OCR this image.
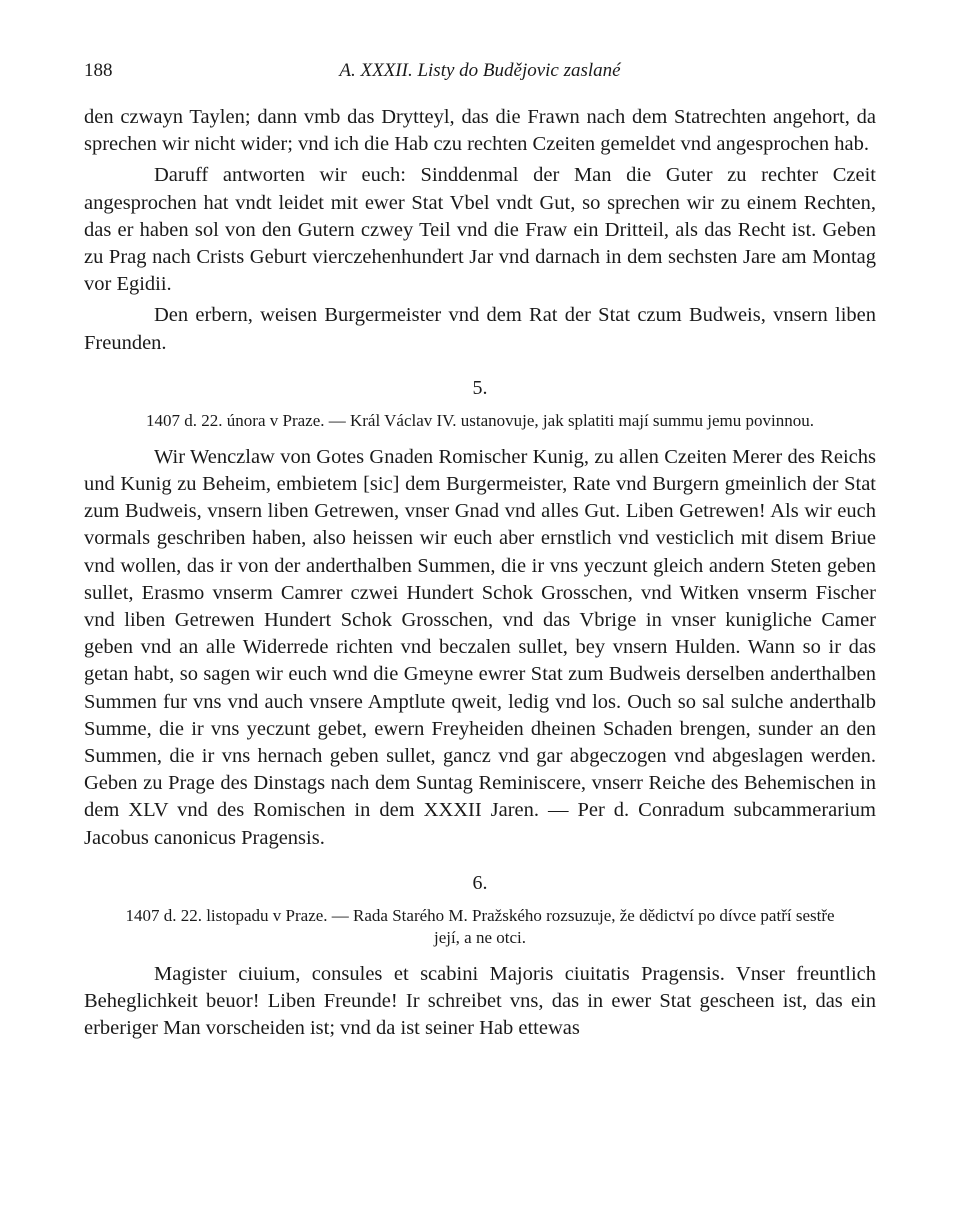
188	A. XXXII. Listy do Budějovic zaslané

den czwayn Taylen; dann vmb das Drytteyl, das die Frawn nach dem Statrechten angehort, da sprechen wir nicht wider; vnd ich die Hab czu rechten Czeiten gemeldet vnd angesprochen hab.

Daruff antworten wir euch: Sinddenmal der Man die Guter zu rechter Czeit angesprochen hat vndt leidet mit ewer Stat Vbel vndt Gut, so sprechen wir zu einem Rechten, das er haben sol von den Gutern czwey Teil vnd die Fraw ein Dritteil, als das Recht ist. Geben zu Prag nach Crists Geburt vierczehenhundert Jar vnd darnach in dem sechsten Jare am Montag vor Egidii.

Den erbern, weisen Burgermeister vnd dem Rat der Stat czum Budweis, vnsern liben Freunden.

5.
1407 d. 22. února v Praze. — Král Václav IV. ustanovuje, jak splatiti mají summu jemu povinnou.

Wir Wenczlaw von Gotes Gnaden Romischer Kunig, zu allen Czeiten Merer des Reichs und Kunig zu Beheim, embietem [sic] dem Burgermeister, Rate vnd Burgern gmeinlich der Stat zum Budweis, vnsern liben Getrewen, vnser Gnad vnd alles Gut. Liben Getrewen! Als wir euch vormals geschriben haben, also heissen wir euch aber ernstlich vnd vesticlich mit disem Briue vnd wollen, das ir von der anderthalben Summen, die ir vns yeczunt gleich andern Steten geben sullet, Erasmo vnserm Camrer czwei Hundert Schok Grosschen, vnd Witken vnserm Fischer vnd liben Getrewen Hundert Schok Grosschen, vnd das Vbrige in vnser kunigliche Camer geben vnd an alle Widerrede richten vnd beczalen sullet, bey vnsern Hulden. Wann so ir das getan habt, so sagen wir euch wnd die Gmeyne ewrer Stat zum Budweis derselben anderthalben Summen fur vns vnd auch vnsere Amptlute qweit, ledig vnd los. Ouch so sal sulche anderthalb Summe, die ir vns yeczunt gebet, ewern Freyheiden dheinen Schaden brengen, sunder an den Summen, die ir vns hernach geben sullet, gancz vnd gar abgeczogen vnd abgeslagen werden. Geben zu Prage des Dinstags nach dem Suntag Reminiscere, vnserr Reiche des Behemischen in dem XLV vnd des Romischen in dem XXXII Jaren. — Per d. Conradum subcammerarium Jacobus canonicus Pragensis.

6.
1407 d. 22. listopadu v Praze. — Rada Starého M. Pražského rozsuzuje, že dědictví po dívce patří sestře její, a ne otci.

Magister ciuium, consules et scabini Majoris ciuitatis Pragensis. Vnser freuntlich Beheglichkeit beuor! Liben Freunde! Ir schreibet vns, das in ewer Stat gescheen ist, das ein erberiger Man vorscheiden ist; vnd da ist seiner Hab ettewas
